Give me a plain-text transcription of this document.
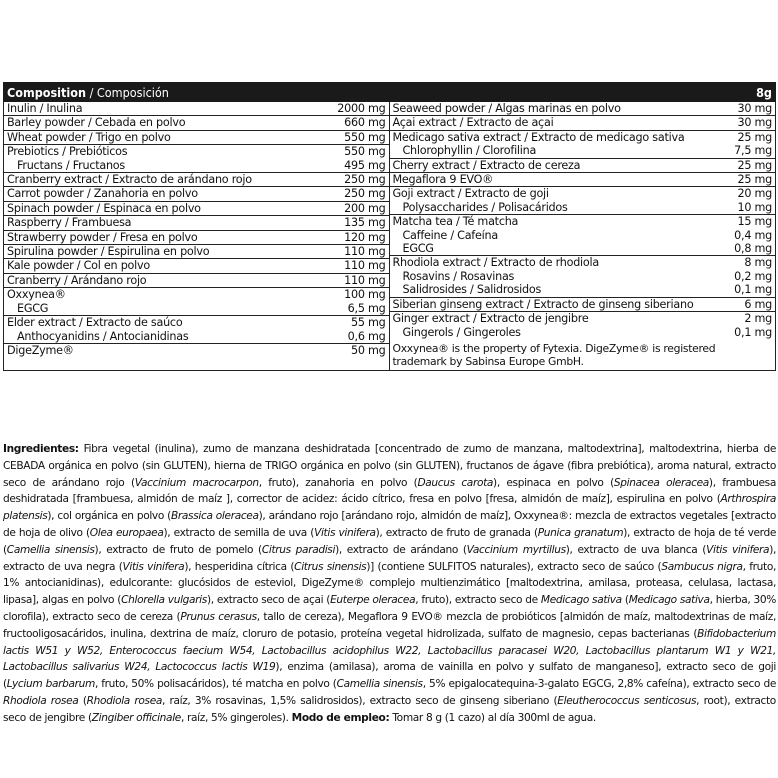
Composition / Composición	8g
Inulin / Inulina	2000 mg
Barley powder / Cebada en polvo	660 mg
Wheat powder / Trigo en polvo	550 mg
Prebiotics / Prebióticos	550 mg
Fructans / Fructanos	495 mg
Cranberry extract / Extracto de arándano rojo	250 mg
Carrot powder / Zanahoria en polvo	250 mg
Spinach powder / Espinaca en polvo	200 mg
Raspberry / Frambuesa	135 mg
Strawberry powder / Fresa en polvo	120 mg
Spirulina powder / Espirulina en polvo	110 mg
Kale powder / Col en polvo	110 mg
Cranberry / Arándano rojo	110 mg
Oxxynea®	100 mg
EGCG	6,5 mg
Elder extract / Extracto de saúco	55 mg
Anthocyanidins / Antocianidinas	0,6 mg
DigeZyme®	50 mg
Seaweed powder / Algas marinas en polvo	30 mg
Açai extract / Extracto de açai	30 mg
Medicago sativa extract / Extracto de medicago sativa	25 mg
Chlorophyllin / Clorofilina	7,5 mg
Cherry extract / Extracto de cereza	25 mg
Megaflora 9 EVO®	25 mg
Goji extract / Extracto de goji	20 mg
Polysaccharides / Polisacáridos	10 mg
Matcha tea / Té matcha	15 mg
Caffeine / Cafeína	0,4 mg
EGCG	0,8 mg
Rhodiola extract / Extracto de rhodiola	8 mg
Rosavins / Rosavinas	0,2 mg
Salidrosides / Salidrosidos	0,1 mg
Siberian ginseng extract / Extracto de ginseng siberiano	6 mg
Ginger extract / Extracto de jengibre	2 mg
Gingerols / Gingeroles	0,1 mg
Oxxynea® is the property of Fytexia. DigeZyme® is registered trademark by Sabinsa Europe GmbH.
Ingredientes: Fibra vegetal (inulina), zumo de manzana deshidratada [concentrado de zumo de manzana, maltodextrina], maltodextrina, hierba de CEBADA orgánica en polvo (sin GLUTEN), hierna de TRIGO orgánica en polvo (sin GLUTEN), fructanos de ágave (fibra prebiótica), aroma natural, extracto seco de arándano rojo (Vaccinium macrocarpon, fruto), zanahoria en polvo (Daucus carota), espinaca en polvo (Spinacea oleracea), frambuesa deshidratada [frambuesa, almidón de maíz ], corrector de acidez: ácido cítrico, fresa en polvo [fresa, almidón de maíz], espirulina en polvo (Arthrospira platensis), col orgánica en polvo (Brassica oleracea), arándano rojo [arándano rojo, almidón de maíz], Oxxynea®: mezcla de extractos vegetales [extracto de hoja de olivo (Olea europaea), extracto de semilla de uva (Vitis vinifera), extracto de fruto de granada (Punica granatum), extracto de hoja de té verde (Camellia sinensis), extracto de fruto de pomelo (Citrus paradisi), extracto de arándano (Vaccinium myrtillus), extracto de uva blanca (Vitis vinifera), extracto de uva negra (Vitis vinifera), hesperidina cítrica (Citrus sinensis)] (contiene SULFITOS naturales), extracto seco de saúco (Sambucus nigra, fruto, 1% antocianidinas), edulcorante: glucósidos de esteviol, DigeZyme® complejo multienzimático [maltodextrina, amilasa, proteasa, celulasa, lactasa, lipasa], algas en polvo (Chlorella vulgaris), extracto seco de açai (Euterpe oleracea, fruto), extracto seco de Medicago sativa (Medicago sativa, hierba, 30% clorofila), extracto seco de cereza (Prunus cerasus, tallo de cereza), Megaflora 9 EVO® mezcla de probióticos [almidón de maíz, maltodextrinas de maíz, fructooligosacáridos, inulina, dextrina de maíz, cloruro de potasio, proteína vegetal hidrolizada, sulfato de magnesio, cepas bacterianas (Bifidobacterium lactis W51 y W52, Enterococcus faecium W54, Lactobacillus acidophilus W22, Lactobacillus paracasei W20, Lactobacillus plantarum W1 y W21, Lactobacillus salivarius W24, Lactococcus lactis W19), enzima (amilasa), aroma de vainilla en polvo y sulfato de manganeso], extracto seco de goji (Lycium barbarum, fruto, 50% polisacáridos), té matcha en polvo (Camellia sinensis, 5% epigalocatequina-3-galato EGCG, 2,8% cafeína), extracto seco de Rhodiola rosea (Rhodiola rosea, raíz, 3% rosavinas, 1,5% salidrosidos), extracto seco de ginseng siberiano (Eleutherococcus senticosus, root), extracto seco de jengibre (Zingiber officinale, raíz, 5% gingeroles). Modo de empleo: Tomar 8 g (1 cazo) al día 300ml de agua.
